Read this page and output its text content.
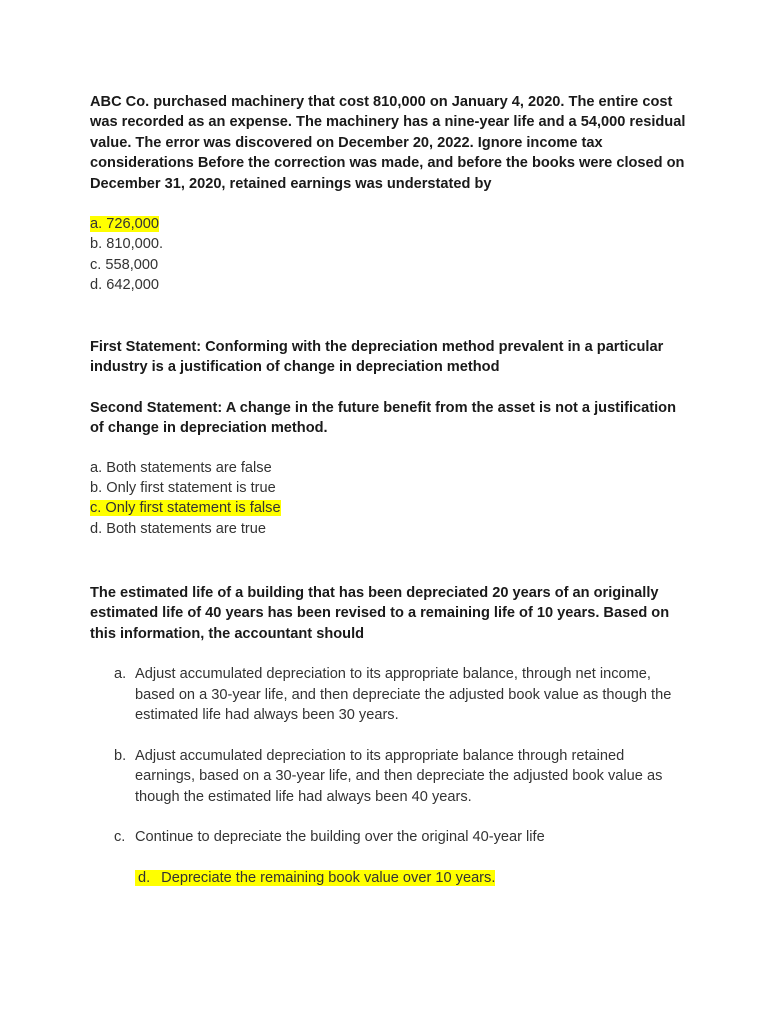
ABC Co. purchased machinery that cost 810,000 on January 4, 2020. The entire cost was recorded as an expense. The machinery has a nine-year life and a 54,000 residual value. The error was discovered on December 20, 2022. Ignore income tax considerations Before the correction was made, and before the books were closed on December 31, 2020, retained earnings was understated by

a. 726,000
b. 810,000.
c. 558,000
d. 642,000

First Statement: Conforming with the depreciation method prevalent in a particular industry is a justification of change in depreciation method

Second Statement: A change in the future benefit from the asset is not a justification of change in depreciation method.

a. Both statements are false
b. Only first statement is true
c. Only first statement is false
d. Both statements are true

The estimated life of a building that has been depreciated 20 years of an originally estimated life of 40 years has been revised to a remaining life of 10 years. Based on this information, the accountant should

a. Adjust accumulated depreciation to its appropriate balance, through net income, based on a 30-year life, and then depreciate the adjusted book value as though the estimated life had always been 30 years.
b. Adjust accumulated depreciation to its appropriate balance through retained earnings, based on a 30-year life, and then depreciate the adjusted book value as though the estimated life had always been 40 years.
c. Continue to depreciate the building over the original 40-year life
d. Depreciate the remaining book value over 10 years.
